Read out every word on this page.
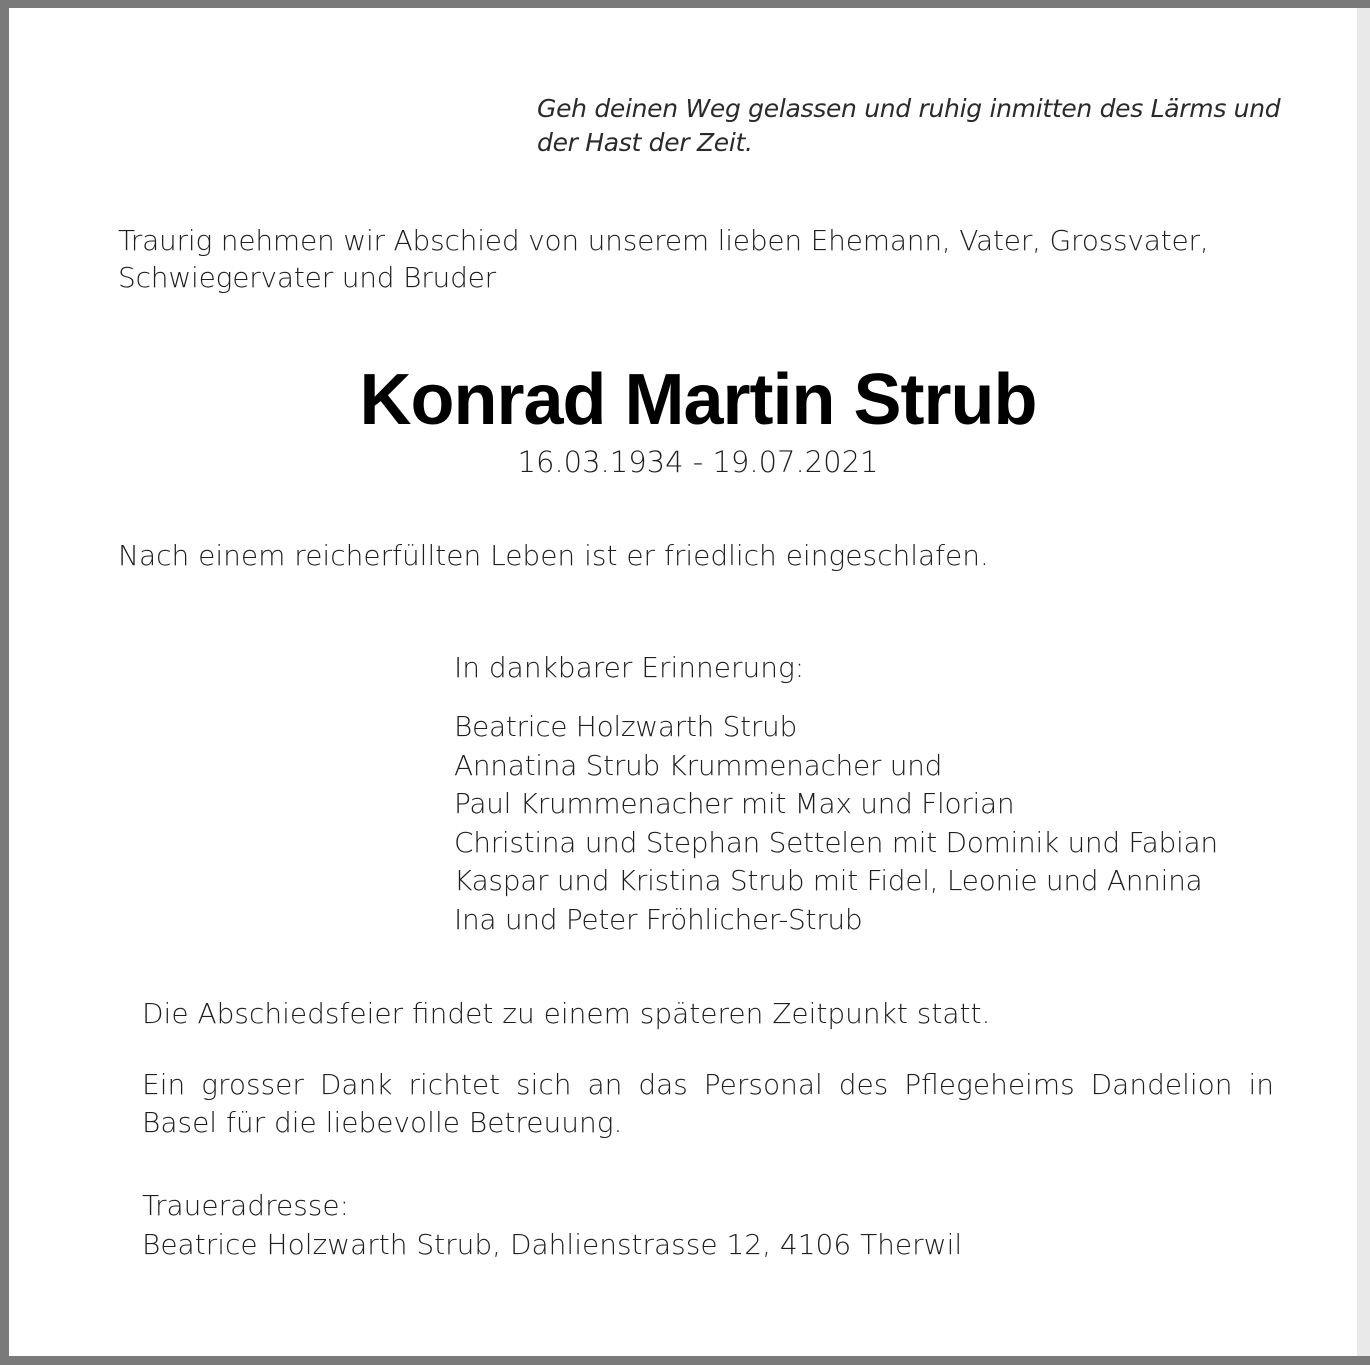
Geh deinen Weg gelassen und ruhig inmitten des Lärms und der Hast der Zeit.

Traurig nehmen wir Abschied von unserem lieben Ehemann, Vater, Grossvater, Schwiegervater und Bruder

Konrad Martin Strub

16.03.1934 - 19.07.2021

Nach einem reicherfüllten Leben ist er friedlich eingeschlafen.

In dankbarer Erinnerung:

Beatrice Holzwarth Strub
Annatina Strub Krummenacher und
Paul Krummenacher mit Max und Florian
Christina und Stephan Settelen mit Dominik und Fabian
Kaspar und Kristina Strub mit Fidel, Leonie und Annina
Ina und Peter Fröhlicher-Strub

Die Abschiedsfeier findet zu einem späteren Zeitpunkt statt.

Ein grosser Dank richtet sich an das Personal des Pflegeheims Dandelion in Basel für die liebevolle Betreuung.

Traueradresse:
Beatrice Holzwarth Strub, Dahlienstrasse 12, 4106 Therwil
